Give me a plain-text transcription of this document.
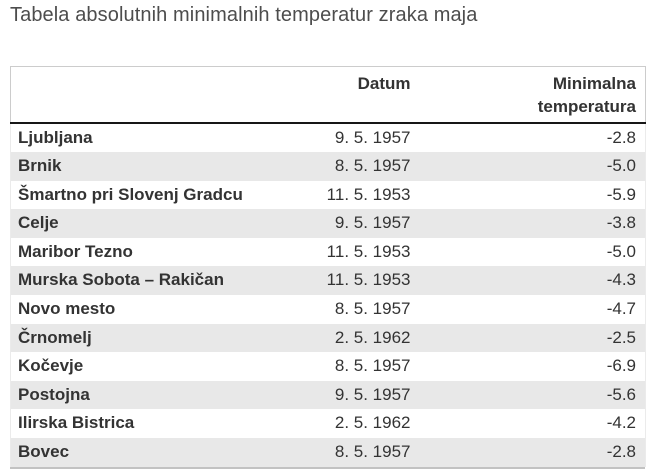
Tabela absolutnih minimalnih temperatur zraka maja
	Datum	Minimalna temperatura
Ljubljana	9. 5. 1957	-2.8
Brnik	8. 5. 1957	-5.0
Šmartno pri Slovenj Gradcu	11. 5. 1953	-5.9
Celje	9. 5. 1957	-3.8
Maribor Tezno	11. 5. 1953	-5.0
Murska Sobota – Rakičan	11. 5. 1953	-4.3
Novo mesto	8. 5. 1957	-4.7
Črnomelj	2. 5. 1962	-2.5
Kočevje	8. 5. 1957	-6.9
Postojna	9. 5. 1957	-5.6
Ilirska Bistrica	2. 5. 1962	-4.2
Bovec	8. 5. 1957	-2.8
